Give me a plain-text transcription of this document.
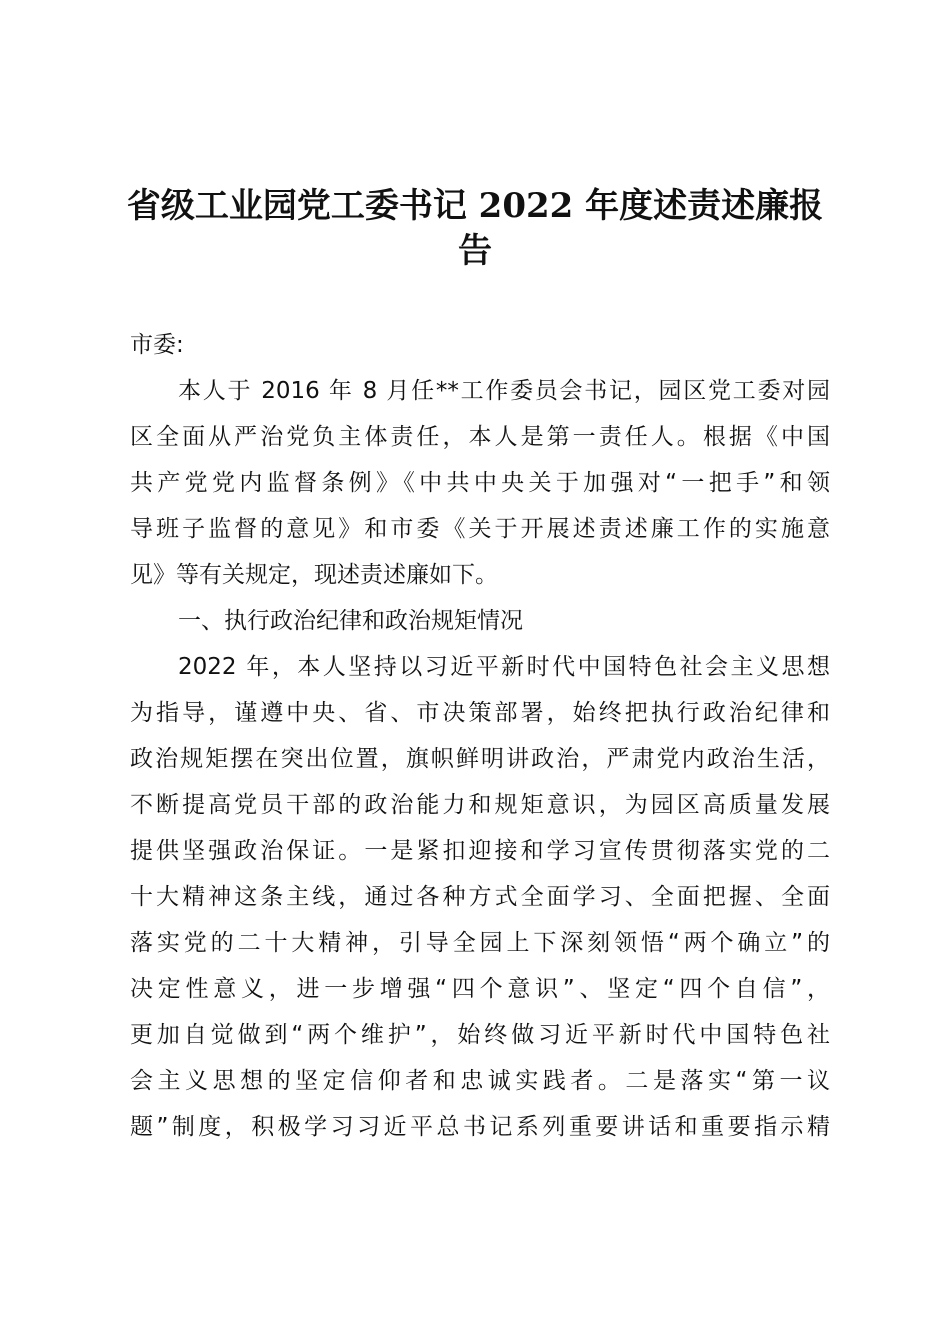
省级工业园党工委书记 2022 年度述责述廉报
告

市委:

本人于 2016 年 8 月任**工作委员会书记，园区党工委对园

区全面从严治党负主体责任，本人是第一责任人。根据《中国

共产党党内监督条例》《中共中央关于加强对“一把手”和领

导班子监督的意见》和市委《关于开展述责述廉工作的实施意

见》等有关规定，现述责述廉如下。

一、执行政治纪律和政治规矩情况

2022 年，本人坚持以习近平新时代中国特色社会主义思想

为指导，谨遵中央、省、市决策部署，始终把执行政治纪律和

政治规矩摆在突出位置，旗帜鲜明讲政治，严肃党内政治生活，

不断提高党员干部的政治能力和规矩意识，为园区高质量发展

提供坚强政治保证。一是紧扣迎接和学习宣传贯彻落实党的二

十大精神这条主线，通过各种方式全面学习、全面把握、全面

落实党的二十大精神，引导全园上下深刻领悟“两个确立”的

决定性意义，进一步增强“四个意识”、坚定“四个自信”，

更加自觉做到“两个维护”，始终做习近平新时代中国特色社

会主义思想的坚定信仰者和忠诚实践者。二是落实“第一议

题”制度，积极学习习近平总书记系列重要讲话和重要指示精
